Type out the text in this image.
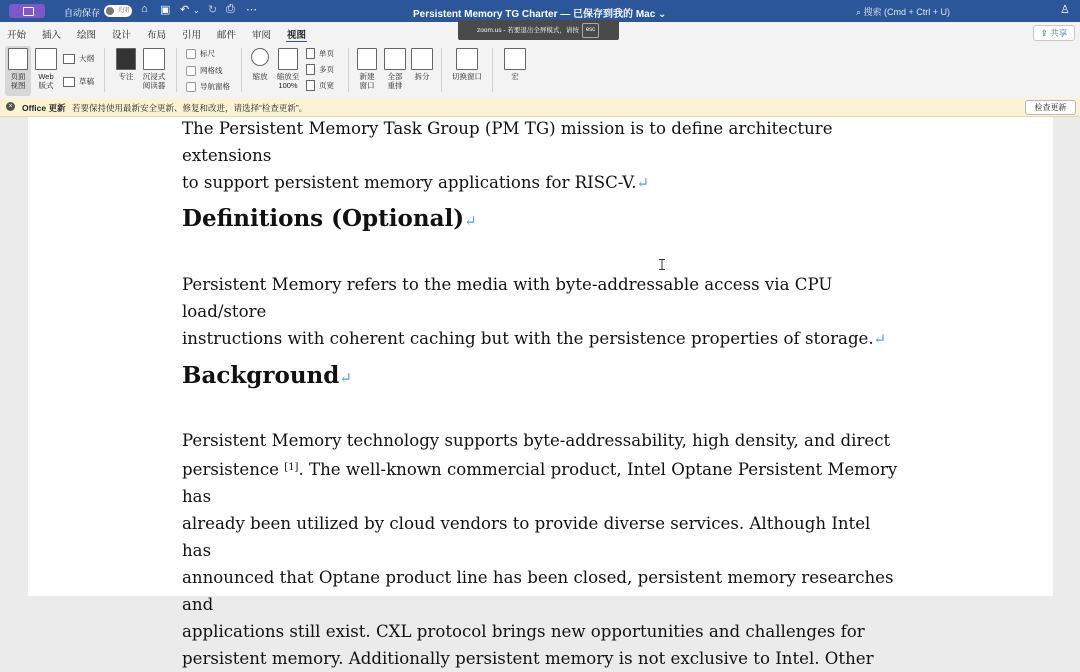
自动保存	关闭 ⌂ ▣ ↶ ⌄ ↻ ⎙ ⋯	Persistent Memory TG Charter — 已保存到我的 Mac ⌄	⌕ 搜索 (Cmd + Ctrl + U)	♙
开始 插入 绘图 设计 布局 引用 邮件 审阅 视图	⇪ 共享
zoom.us - 若要退出全屏模式，请按	esc
页面
视图
Web
版式
大纲
草稿
专注	沉浸式
阅读器
标尺
网格线
导航窗格
缩放	缩放至
100%
单页
多页
页宽
新建
窗口
全部
重排
拆分	切换窗口	宏
× Office 更新 若要保持使用最新安全更新、修复和改进，请选择“检查更新”。	检查更新
The Persistent Memory Task Group (PM TG) mission is to define architecture extensions
to support persistent memory applications for RISC-V.↵
Definitions (Optional)↵
Persistent Memory refers to the media with byte-addressable access via CPU load/store
instructions with coherent caching but with the persistence properties of storage.↵
Background↵
Persistent Memory technology supports byte-addressability, high density, and direct
persistence [1]. The well-known commercial product, Intel Optane Persistent Memory has
already been utilized by cloud vendors to provide diverse services. Although Intel has
announced that Optane product line has been closed, persistent memory researches and
applications still exist. CXL protocol brings new opportunities and challenges for
persistent memory. Additionally persistent memory is not exclusive to Intel. Other
